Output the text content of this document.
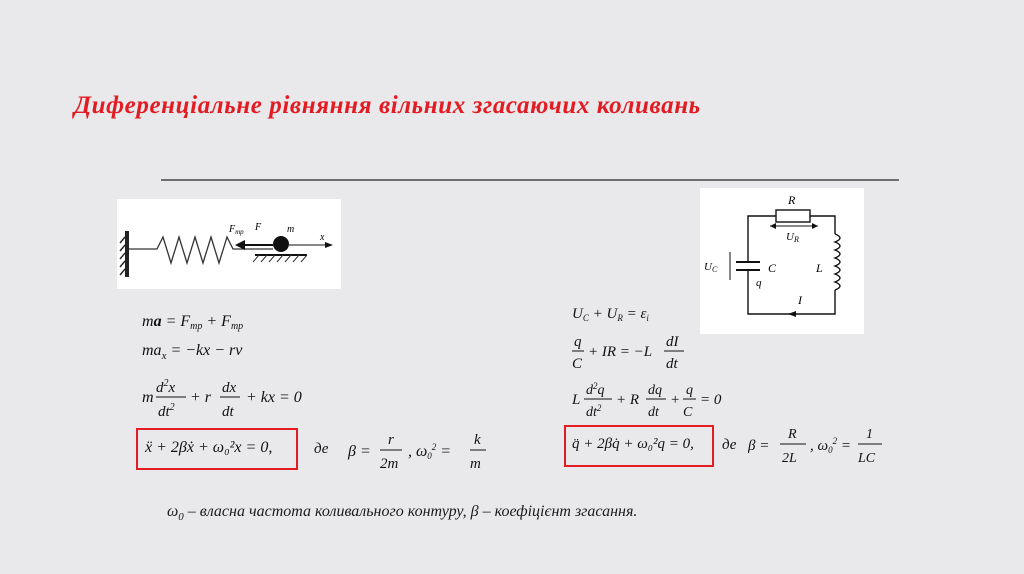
Диференціальне рівняння вільних згасаючих коливань
$F_{тр}$ F	m
x
R
UR
UC	C
q
L
I
ma = Fтр + Fтр
$ma_x = -kx$ − rv
m
$d^2x$
$dt^2$
+ r
dx
dt
+ kx = 0
ẍ + 2βẋ + ω₀²x = 0,	де β =
r
2m
, $\omega 0^2$ =
k
m
$U_C + U_R = \varepsilon_i$
q
C
+ IR = −L
dI
dt
L
$d^2q$
$dt^2 + R$
dq
dt
+
q
C
= 0
q̈ + 2βq̇ + ω₀²q = 0, де β =
R
2L
, $\omega_0^2$ =
1
LC
$\omega_0$ – власна частота коливального контуру, β – коефіцієнт згасання.
